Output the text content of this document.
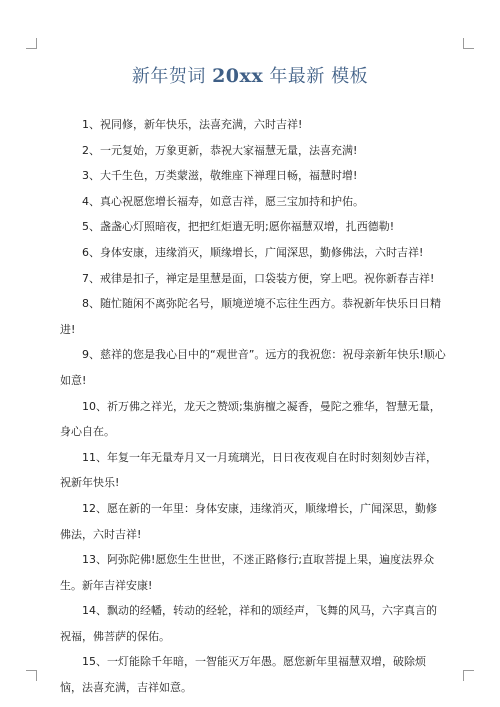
新年贺词 20xx 年最新 模板

1、祝同修，新年快乐，法喜充满，六时吉祥!

2、一元复始，万象更新，恭祝大家福慧无量，法喜充满!

3、大千生色，万类蒙滋，敬维座下禅理日畅，福慧时增!

4、真心祝愿您增长福寿，如意吉祥，愿三宝加持和护佑。

5、盏盏心灯照暗夜，把把红炬遣无明;愿你福慧双增，扎西德勒!

6、身体安康，违缘消灭，顺缘增长，广闻深思，勤修佛法，六时吉祥!

7、戒律是扣子，禅定是里慧是面，口袋装方便，穿上吧。祝你新春吉祥!

8、随忙随闲不离弥陀名号，顺境逆境不忘往生西方。恭祝新年快乐日日精进!

9、慈祥的您是我心目中的“观世音”。远方的我祝您：祝母亲新年快乐!顺心如意!

10、祈万佛之祥光，龙天之赞颂;集旃檀之凝香，曼陀之雅华，智慧无量，身心自在。

11、年复一年无量寿月又一月琉璃光，日日夜夜观自在时时刻刻妙吉祥，祝新年快乐!

12、愿在新的一年里：身体安康，违缘消灭，顺缘增长，广闻深思，勤修佛法，六时吉祥!

13、阿弥陀佛!愿您生生世世，不迷正路修行;直取菩提上果，遍度法界众生。新年吉祥安康!

14、飘动的经幡，转动的经轮，祥和的颂经声，飞舞的风马，六字真言的祝福，佛菩萨的保佑。

15、一灯能除千年暗，一智能灭万年愚。愿您新年里福慧双增，破除烦恼，法喜充满，吉祥如意。
